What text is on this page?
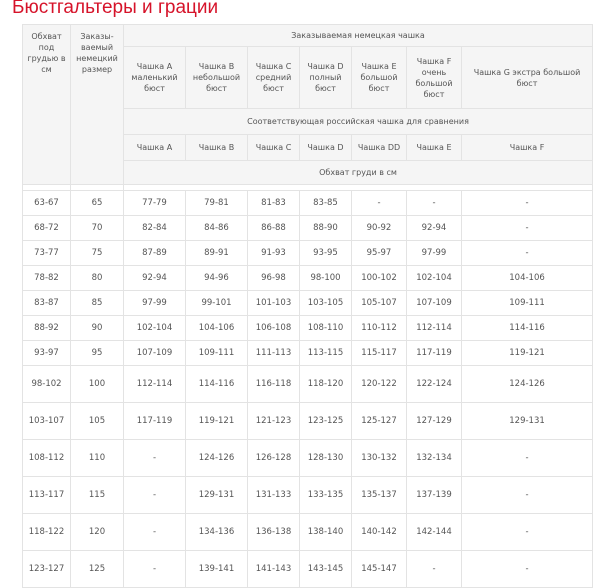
Бюстгальтеры и грации
Обхват под грудью в см	Заказы-ваемый немецкий размер	Заказываемая немецкая чашка						
		Чашка A маленький бюст	Чашка B небольшой бюст	Чашка C средний бюст	Чашка D полный бюст	Чашка E большой бюст	Чашка F очень большой бюст	Чашка G экстра большой бюст
		Соответствующая российская чашка для сравнения						
		Чашка A	Чашка B	Чашка C	Чашка D	Чашка DD	Чашка E	Чашка F
		Обхват груди в см						

63-67	65	77-79	79-81	81-83	83-85	-	-	-
68-72	70	82-84	84-86	86-88	88-90	90-92	92-94	-
73-77	75	87-89	89-91	91-93	93-95	95-97	97-99	-
78-82	80	92-94	94-96	96-98	98-100	100-102	102-104	104-106
83-87	85	97-99	99-101	101-103	103-105	105-107	107-109	109-111
88-92	90	102-104	104-106	106-108	108-110	110-112	112-114	114-116
93-97	95	107-109	109-111	111-113	113-115	115-117	117-119	119-121
98-102	100	112-114	114-116	116-118	118-120	120-122	122-124	124-126
103-107	105	117-119	119-121	121-123	123-125	125-127	127-129	129-131
108-112	110	-	124-126	126-128	128-130	130-132	132-134	-
113-117	115	-	129-131	131-133	133-135	135-137	137-139	-
118-122	120	-	134-136	136-138	138-140	140-142	142-144	-
123-127	125	-	139-141	141-143	143-145	145-147	-	-
